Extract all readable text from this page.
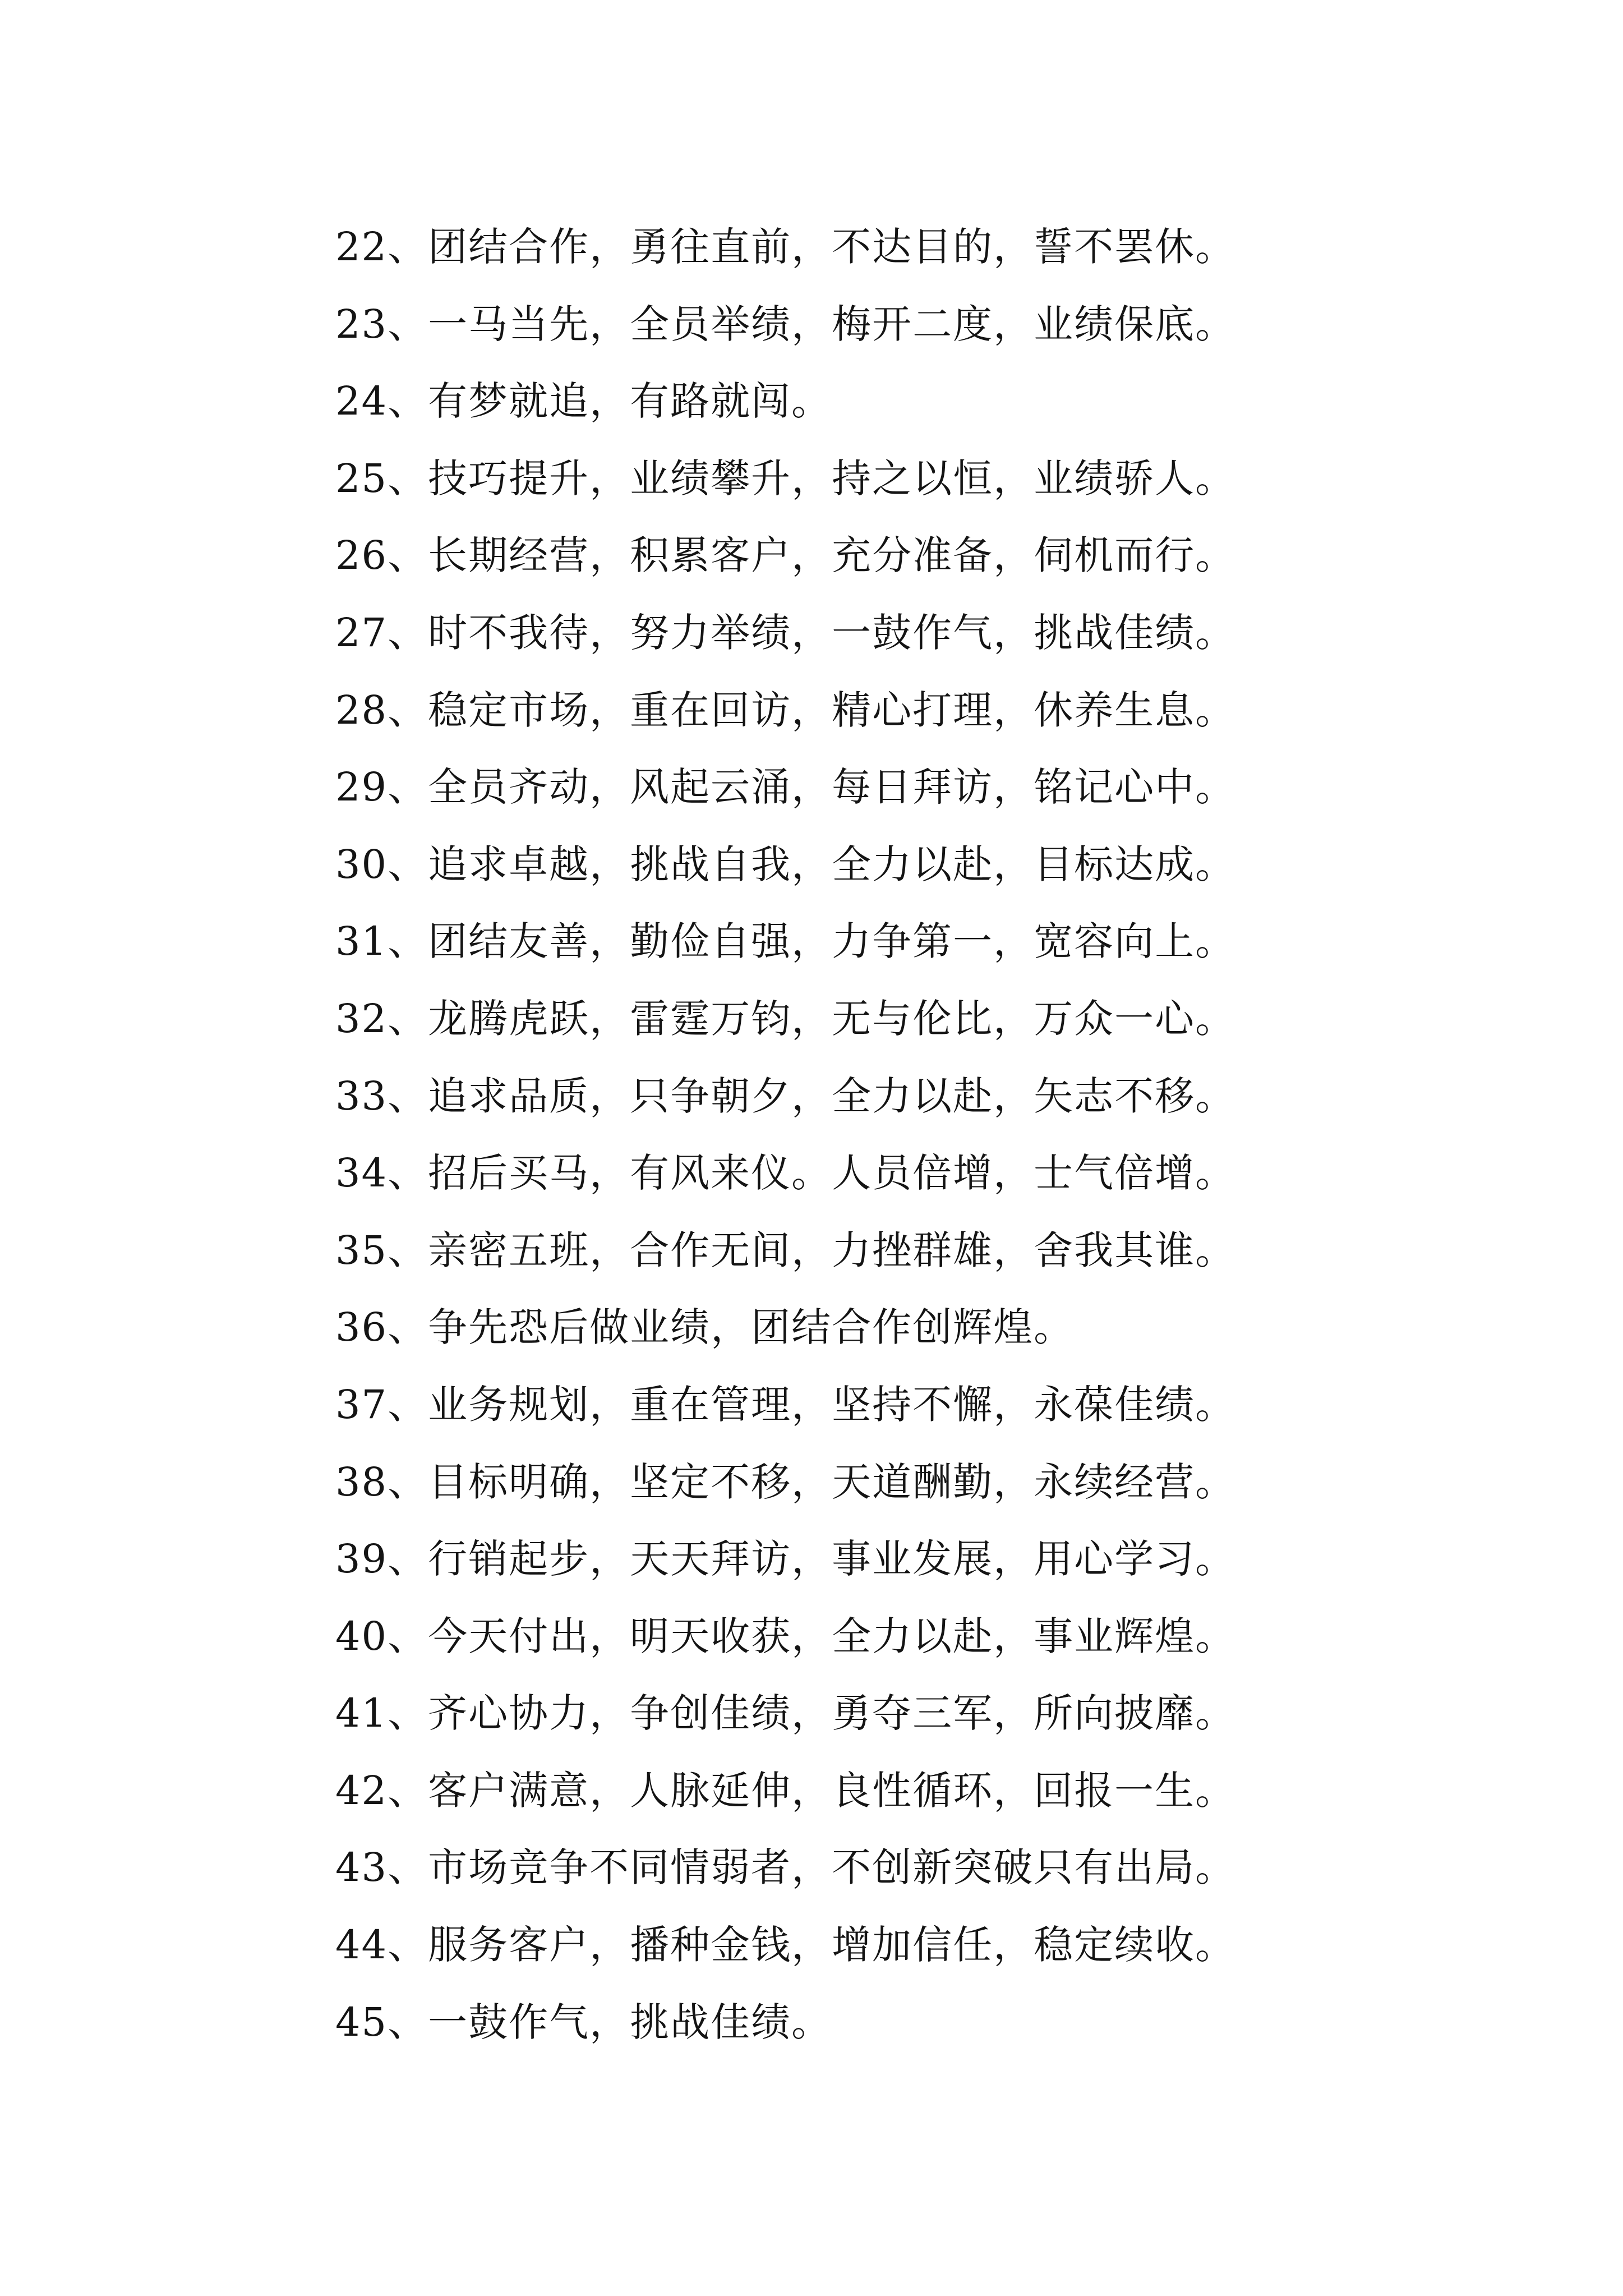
22、团结合作，勇往直前，不达目的，誓不罢休。
23、一马当先，全员举绩，梅开二度，业绩保底。
24、有梦就追，有路就闯。
25、技巧提升，业绩攀升，持之以恒，业绩骄人。
26、长期经营，积累客户，充分准备，伺机而行。
27、时不我待，努力举绩，一鼓作气，挑战佳绩。
28、稳定市场，重在回访，精心打理，休养生息。
29、全员齐动，风起云涌，每日拜访，铭记心中。
30、追求卓越，挑战自我，全力以赴，目标达成。
31、团结友善，勤俭自强，力争第一，宽容向上。
32、龙腾虎跃，雷霆万钧，无与伦比，万众一心。
33、追求品质，只争朝夕，全力以赴，矢志不移。
34、招后买马，有风来仪。人员倍增，士气倍增。
35、亲密五班，合作无间，力挫群雄，舍我其谁。
36、争先恐后做业绩，团结合作创辉煌。
37、业务规划，重在管理，坚持不懈，永葆佳绩。
38、目标明确，坚定不移，天道酬勤，永续经营。
39、行销起步，天天拜访，事业发展，用心学习。
40、今天付出，明天收获，全力以赴，事业辉煌。
41、齐心协力，争创佳绩，勇夺三军，所向披靡。
42、客户满意，人脉延伸，良性循环，回报一生。
43、市场竞争不同情弱者，不创新突破只有出局。
44、服务客户，播种金钱，增加信任，稳定续收。
45、一鼓作气，挑战佳绩。
